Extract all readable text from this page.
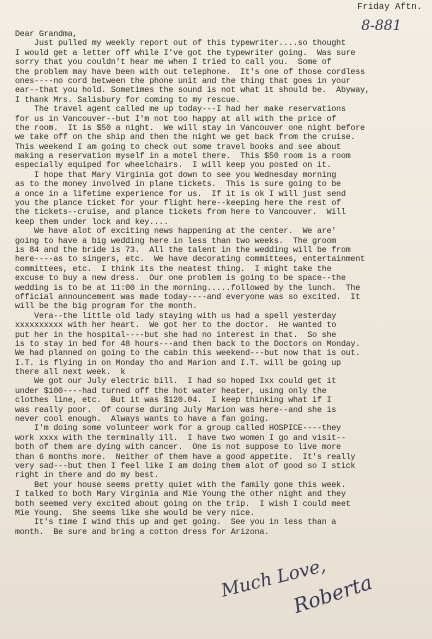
Friday Aftn.
8-881
Dear Grandma,
Just pulled my weekly report out of this typewriter....so thought
I would get a letter off while I've got the typewriter going.  Was sure
sorry that you couldn't hear me when I tried to call you.  Some of
the problem may have been with out telephone.  It's one of those cordless
ones----no cord between the phone unit and the thing that goes in your
ear--that you hold. Sometimes the sound is not what it should be.  Abyway,
I thank Mrs. Salisbury for coming to my rescue.
The travel agent called me up today---I had her make reservations
for us in Vancouver--but I'm not too happy at all with the price of
the room.  It is $50 a night.  We will stay in Vancouver one night before
we take off on the ship and then the night we get back from the cruise.
This weekend I am going to check out some travel books and see about
making a reservation myself in a motel there.  This $50 room is a room
especially equiped for wheelchairs.  I will keep you posted on it.
I hope that Mary Virginia got down to see you Wednesday morning
as to the money involved in plane tickets.  This is sure going to be
a once in a lifetime experience for us.  If it is ok I will just send
you the plance ticket for your flight here--keeping here the rest of
the tickets--cruise, and plance tickets from here to Vancouver.  Will
keep them under lock and key....
We have alot of exciting news happening at the center.  We are'
going to have a big wedding here in less than two weeks.  The groom
is 84 and the bride is 73.  All the talent in the wedding will be from
here----as to singers, etc.  We have decorating committees, entertainment
committees, etc.  I think its the neatest thing.  I might take the
excuse to buy a new dress.  Our one problem is going to be space--the
wedding is to be at 11:00 in the morning.....followed by the lunch.  The
official announcement was made today----and everyone was so excited.  It
will be the big program for the month.
Vera--the little old lady staying with us had a spell yesterday
xxxxxxxxxx with her heart.  We got her to the doctor.  He wanted to
put her in the hospital----but she had no interest in that.  So she
is to stay in bed for 48 hours---and then back to the Doctors on Monday.
We had planned on going to the cabin this weekend---but now that is out.
I.T. is flying in on Monday tho and Marion and I.T. will be going up
there all next week.  k
We got our July electric bill.  I had so hoped Ixx could get it
under $100----had turned off the hot water heater, using only the
clothes line, etc.  But it was $120.04.  I keep thinking what if I
was really poor.  Of course during July Marion was here--and she is
never cool enough.  Always wants to have a fan going.
I'm doing some volunteer work for a group called HOSPICE----they
work xxxx with the terminally ill.  I have two women I go and visit--
both of them are dying with cancer.  One is not suppose to live more
than 6 months more.  Neither of them have a good appetite.  It's really
very sad---but then I feel like I am doing them alot of good so I stick
right in there and do my best.
Bet your house seems pretty quiet with the family gone this week.
I talked to both Mary Virginia and Mie Young the other night and they
both seemed very excited about going on the trip.  I wish I could meet
Mie Young.  She seems like she would be very nice.
It's time I wind this up and get going.  See you in less than a
month.  Be sure and bring a cotton dress for Arizona.
Much Love,
Roberta
